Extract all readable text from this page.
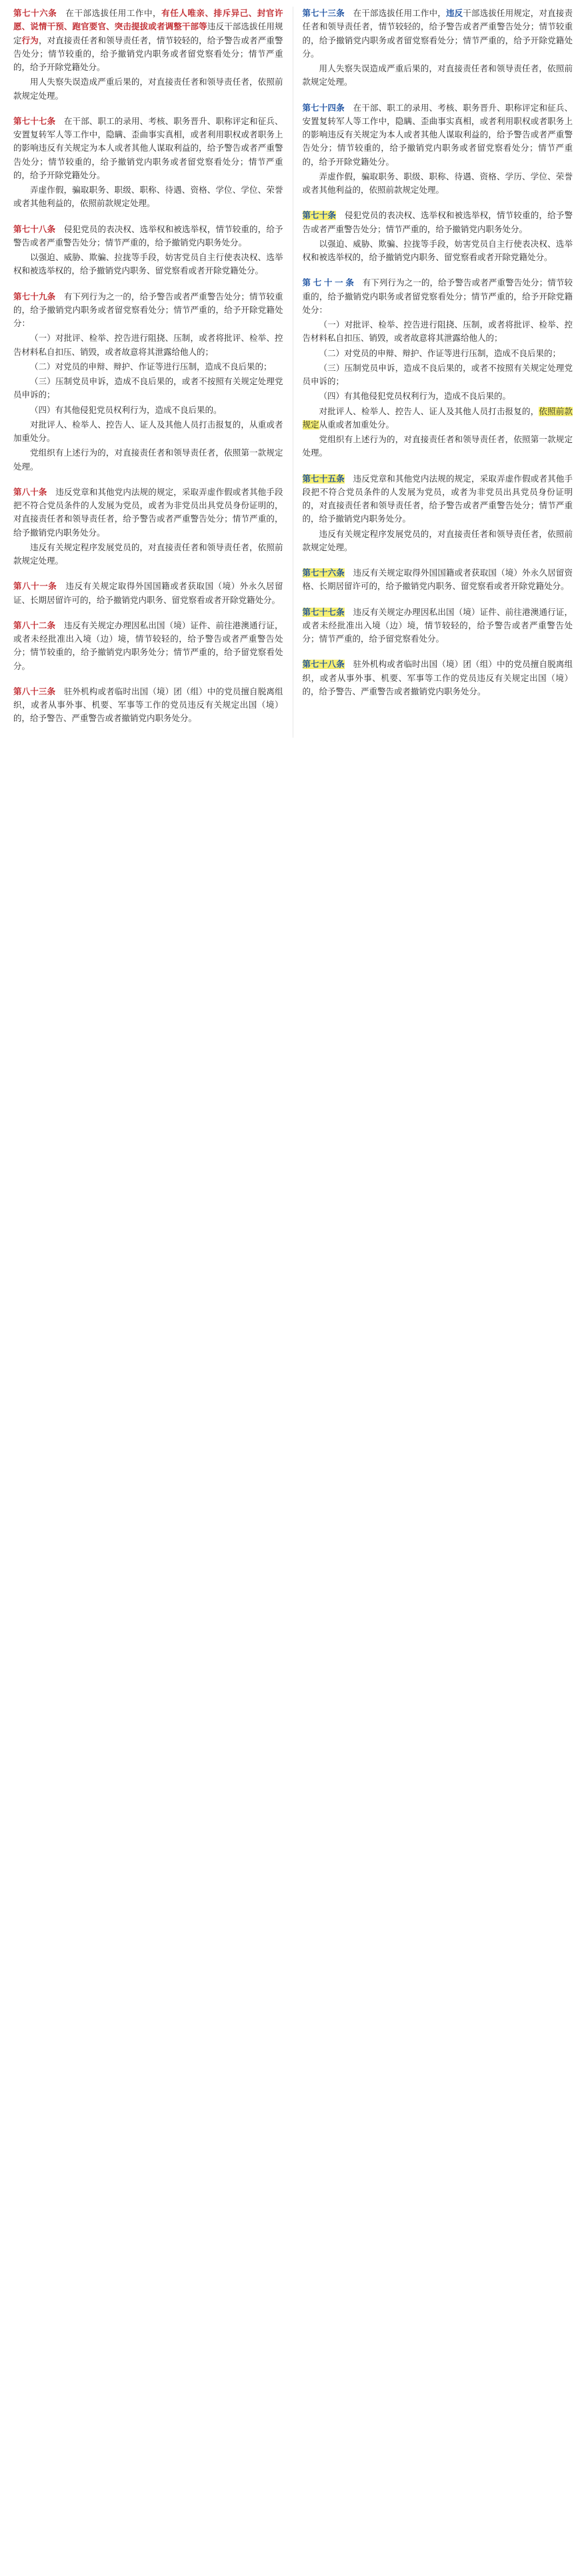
第七十六条　在干部选拔任用工作中，有任人唯亲、排斥异己、封官许愿、说情干预、跑官要官、突击提拔或者调整干部等违反干部选拔任用规定行为，对直接责任者和领导责任者，情节较轻的，给予警告或者严重警告处分；情节较重的，给予撤销党内职务或者留党察看处分；情节严重的，给予开除党籍处分。

用人失察失误造成严重后果的，对直接责任者和领导责任者，依照前款规定处理。

第七十七条　在干部、职工的录用、考核、职务晋升、职称评定和征兵、安置复转军人等工作中，隐瞒、歪曲事实真相，或者利用职权或者职务上的影响违反有关规定为本人或者其他人谋取利益的，给予警告或者严重警告处分；情节较重的，给予撤销党内职务或者留党察看处分；情节严重的，给予开除党籍处分。

弄虚作假，骗取职务、职级、职称、待遇、资格、学位、学位、荣誉或者其他利益的，依照前款规定处理。

第七十八条　侵犯党员的表决权、选举权和被选举权，情节较重的，给予警告或者严重警告处分；情节严重的，给予撤销党内职务处分。

以强迫、威胁、欺骗、拉拢等手段，妨害党员自主行使表决权、选举权和被选举权的，给予撤销党内职务、留党察看或者开除党籍处分。

第七十九条　有下列行为之一的，给予警告或者严重警告处分；情节较重的，给予撤销党内职务或者留党察看处分；情节严重的，给予开除党籍处分：

（一）对批评、检举、控告进行阻挠、压制，或者将批评、检举、控告材料私自扣压、销毁，或者故意将其泄露给他人的；

（二）对党员的申辩、辩护、作证等进行压制，造成不良后果的；

（三）压制党员申诉，造成不良后果的，或者不按照有关规定处理党员申诉的；

（四）有其他侵犯党员权利行为，造成不良后果的。

对批评人、检举人、控告人、证人及其他人员打击报复的，从重或者加重处分。

党组织有上述行为的，对直接责任者和领导责任者，依照第一款规定处理。

第八十条　违反党章和其他党内法规的规定，采取弄虚作假或者其他手段把不符合党员条件的人发展为党员，或者为非党员出具党员身份证明的，对直接责任者和领导责任者，给予警告或者严重警告处分；情节严重的，给予撤销党内职务处分。

违反有关规定程序发展党员的，对直接责任者和领导责任者，依照前款规定处理。

第八十一条　违反有关规定取得外国国籍或者获取国（境）外永久居留证、长期居留许可的，给予撤销党内职务、留党察看或者开除党籍处分。

第八十二条　违反有关规定办理因私出国（境）证件、前往港澳通行证，或者未经批准出入境（边）境，情节较轻的，给予警告或者严重警告处分；情节较重的，给予撤销党内职务处分；情节严重的，给予留党察看处分。

第八十三条　驻外机构或者临时出国（境）团（组）中的党员擅自脱离组织，或者从事外事、机要、军事等工作的党员违反有关规定出国（境）的，给予警告、严重警告或者撤销党内职务处分。

第七十三条　在干部选拔任用工作中，违反干部选拔任用规定，对直接责任者和领导责任者，情节较轻的，给予警告或者严重警告处分；情节较重的，给予撤销党内职务或者留党察看处分；情节严重的，给予开除党籍处分。

用人失察失误造成严重后果的，对直接责任者和领导责任者，依照前款规定处理。

第七十四条　在干部、职工的录用、考核、职务晋升、职称评定和征兵、安置复转军人等工作中，隐瞒、歪曲事实真相，或者利用职权或者职务上的影响违反有关规定为本人或者其他人谋取利益的，给予警告或者严重警告处分；情节较重的，给予撤销党内职务或者留党察看处分；情节严重的，给予开除党籍处分。

弄虚作假，骗取职务、职级、职称、待遇、资格、学历、学位、荣誉或者其他利益的，依照前款规定处理。

第七十条　侵犯党员的表决权、选举权和被选举权，情节较重的，给予警告或者严重警告处分；情节严重的，给予撤销党内职务处分。

以强迫、威胁、欺骗、拉拢等手段，妨害党员自主行使表决权、选举权和被选举权的，给予撤销党内职务、留党察看或者开除党籍处分。

第 七 十 一 条　有下列行为之一的，给予警告或者严重警告处分；情节较重的，给予撤销党内职务或者留党察看处分；情节严重的，给予开除党籍处分：

（一）对批评、检举、控告进行阻挠、压制，或者将批评、检举、控告材料私自扣压、销毁，或者故意将其泄露给他人的；

（二）对党员的申辩、辩护、作证等进行压制，造成不良后果的；

（三）压制党员申诉，造成不良后果的，或者不按照有关规定处理党员申诉的；

（四）有其他侵犯党员权利行为，造成不良后果的。

对批评人、检举人、控告人、证人及其他人员打击报复的，依照前款规定从重或者加重处分。

党组织有上述行为的，对直接责任者和领导责任者，依照第一款规定处理。

第七十五条　违反党章和其他党内法规的规定，采取弄虚作假或者其他手段把不符合党员条件的人发展为党员，或者为非党员出具党员身份证明的，对直接责任者和领导责任者，给予警告或者严重警告处分；情节严重的，给予撤销党内职务处分。

违反有关规定程序发展党员的，对直接责任者和领导责任者，依照前款规定处理。

第七十六条　违反有关规定取得外国国籍或者获取国（境）外永久居留资格、长期居留许可的，给予撤销党内职务、留党察看或者开除党籍处分。

第七十七条　违反有关规定办理因私出国（境）证件、前往港澳通行证，或者未经批准出入境（边）境，情节较轻的，给予警告或者严重警告处分；情节严重的，给予留党察看处分。

第七十八条　驻外机构或者临时出国（境）团（组）中的党员擅自脱离组织，或者从事外事、机要、军事等工作的党员违反有关规定出国（境）的，给予警告、严重警告或者撤销党内职务处分。
